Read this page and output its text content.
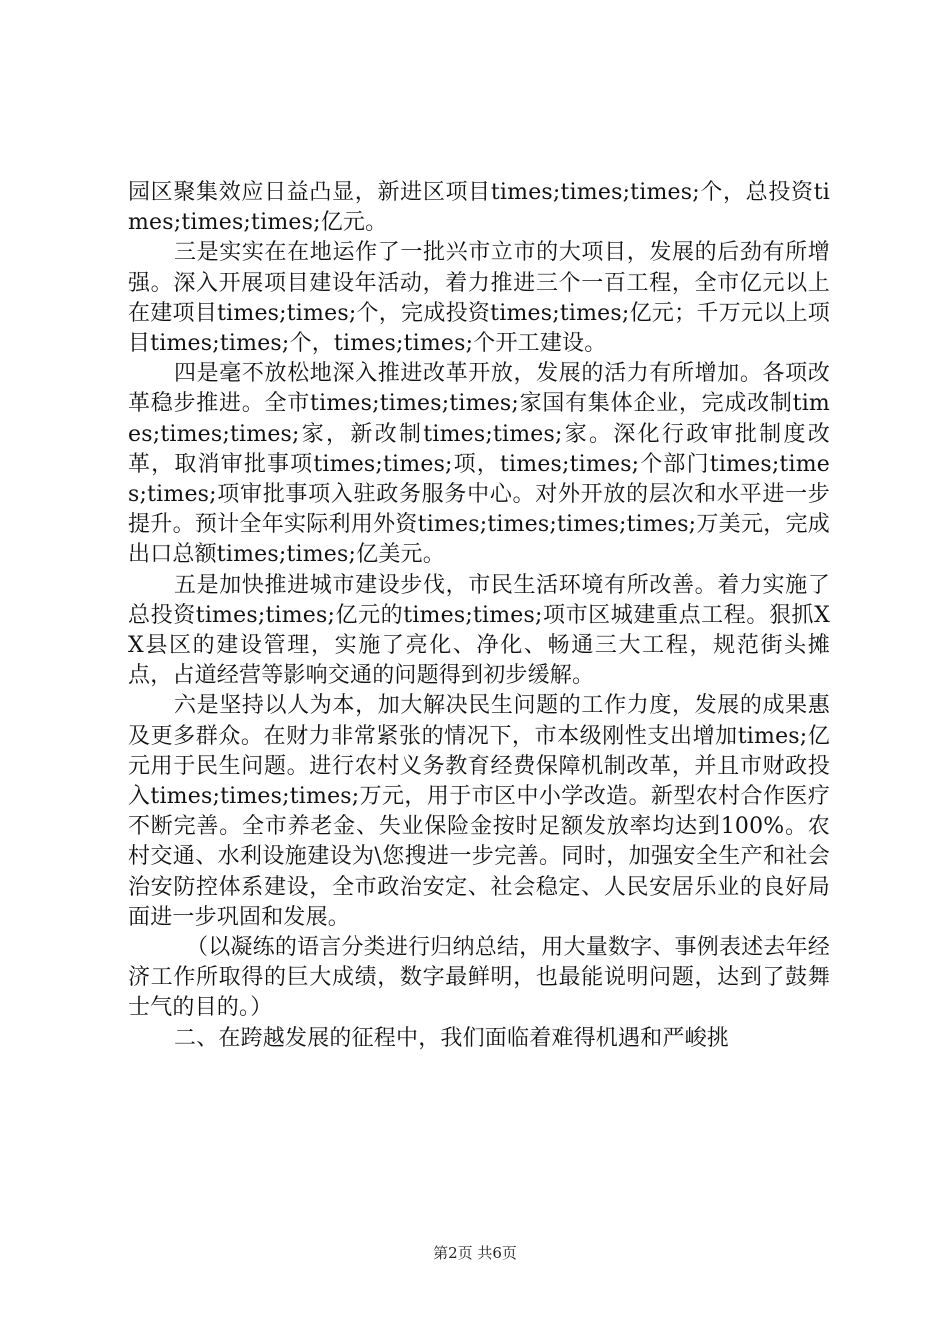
园区聚集效应日益凸显，新进区项目times;times;times;个，总投资times;times;times;亿元。

三是实实在在地运作了一批兴市立市的大项目，发展的后劲有所增强。深入开展项目建设年活动，着力推进三个一百工程，全市亿元以上在建项目times;times;个，完成投资times;times;亿元；千万元以上项目times;times;个，times;times;个开工建设。

四是毫不放松地深入推进改革开放，发展的活力有所增加。各项改革稳步推进。全市times;times;times;家国有集体企业，完成改制times;times;times;家，新改制times;times;家。深化行政审批制度改革，取消审批事项times;times;项，times;times;个部门times;times;times;项审批事项入驻政务服务中心。对外开放的层次和水平进一步提升。预计全年实际利用外资times;times;times;times;万美元，完成出口总额times;times;亿美元。

五是加快推进城市建设步伐，市民生活环境有所改善。着力实施了总投资times;times;亿元的times;times;项市区城建重点工程。狠抓XX县区的建设管理，实施了亮化、净化、畅通三大工程，规范街头摊点，占道经营等影响交通的问题得到初步缓解。

六是坚持以人为本，加大解决民生问题的工作力度，发展的成果惠及更多群众。在财力非常紧张的情况下，市本级刚性支出增加times;亿元用于民生问题。进行农村义务教育经费保障机制改革，并且市财政投入times;times;times;万元，用于市区中小学改造。新型农村合作医疗不断完善。全市养老金、失业保险金按时足额发放率均达到100%。农村交通、水利设施建设为\您搜进一步完善。同时，加强安全生产和社会治安防控体系建设，全市政治安定、社会稳定、人民安居乐业的良好局面进一步巩固和发展。

（以凝练的语言分类进行归纳总结，用大量数字、事例表述去年经济工作所取得的巨大成绩，数字最鲜明，也最能说明问题，达到了鼓舞士气的目的。）

二、在跨越发展的征程中，我们面临着难得机遇和严峻挑

第2页 共6页
